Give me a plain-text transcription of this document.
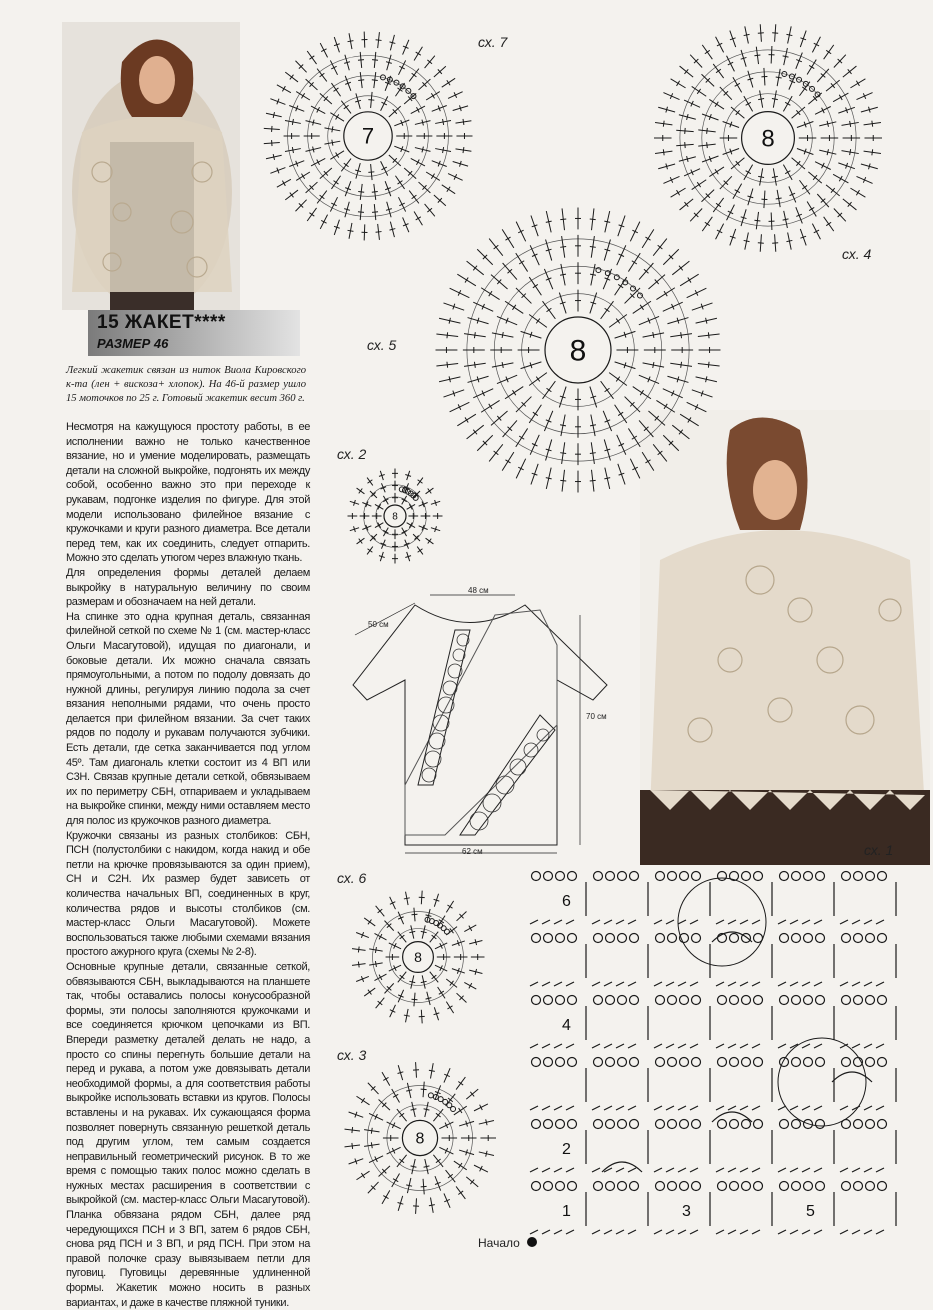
15 ЖАКЕТ****
РАЗМЕР 46

Легкий жакетик связан из ниток Виола Кировского к-та (лен + вискоза+ хлопок). На 46-й размер ушло 15 моточков по 25 г. Готовый жакетик весит 360 г.

Несмотря на кажущуюся простоту работы, в ее исполнении важно не только качественное вязание, но и умение моделировать, размещать детали на сложной выкройке, подгонять их между собой, особенно важно это при переходе к рукавам, подгонке изделия по фигуре. Для этой модели использовано филейное вязание с кружочками и круги разного диаметра. Все детали перед тем, как их соединить, следует отпарить. Можно это сделать утюгом через влажную ткань.

Для определения формы деталей делаем выкройку в натуральную величину по своим размерам и обозначаем на ней детали.

На спинке это одна крупная деталь, связанная филейной сеткой по схеме № 1 (см. мастер-класс Ольги Масагутовой), идущая по диагонали, и боковые детали. Их можно сначала связать прямоугольными, а потом по подолу довязать до нужной длины, регулируя линию подола за счет вязания неполными рядами, что очень просто делается при филейном вязании. За счет таких рядов по подолу и рукавам получаются зубчики. Есть детали, где сетка заканчивается под углом 45º. Там диагональ клетки состоит из 4 ВП или С3Н. Связав крупные детали сеткой, обвязываем их по периметру СБН, отпариваем и укладываем на выкройке спинки, между ними оставляем место для полос из кружочков разного диаметра.

Кружочки связаны из разных столбиков: СБН, ПСН (полустолбики с накидом, когда накид и обе петли на крючке провязываются за один прием), СН и С2Н. Их размер будет зависеть от количества начальных ВП, соединенных в круг, количества рядов и высоты столбиков (см. мастер-класс Ольги Масагутовой). Можете воспользоваться также любыми схемами вязания простого ажурного круга (схемы № 2-8).

Основные крупные детали, связанные сеткой, обвязываются СБН, выкладываются на планшете так, чтобы оставались полосы конусообразной формы, эти полосы заполняются кружочками и все соединяется крючком цепочками из ВП. Впереди разметку деталей делать не надо, а просто со спины перегнуть большие детали на перед и рукава, а потом уже довязывать детали необходимой формы, а для соответствия работы выкройке использовать вставки из кругов. Полосы вставлены и на рукавах. Их сужающаяся форма позволяет повернуть связанную решеткой деталь под другим углом, тем самым создается неправильный геометрический рисунок. В то же время с помощью таких полос можно сделать в нужных местах расширения в соответствии с выкройкой (см. мастер-класс Ольги Масагутовой). Планка обвязана рядом СБН, далее ряд чередующихся ПСН и 3 ВП, затем 6 рядов СБН, снова ряд ПСН и 3 ВП, и ряд ПСН. При этом на правой полочке сразу вывязываем петли для пуговиц. Пуговицы деревянные удлиненной формы. Жакетик можно носить в разных вариантах, и даже в качестве пляжной туники.

сх. 7
сх. 4
сх. 5
сх. 2
сх. 6
сх. 3
сх. 1
7	8
8
8
8
8
48 см
50 см
70 см
62 см
6
4
2
1	3	5
Начало
